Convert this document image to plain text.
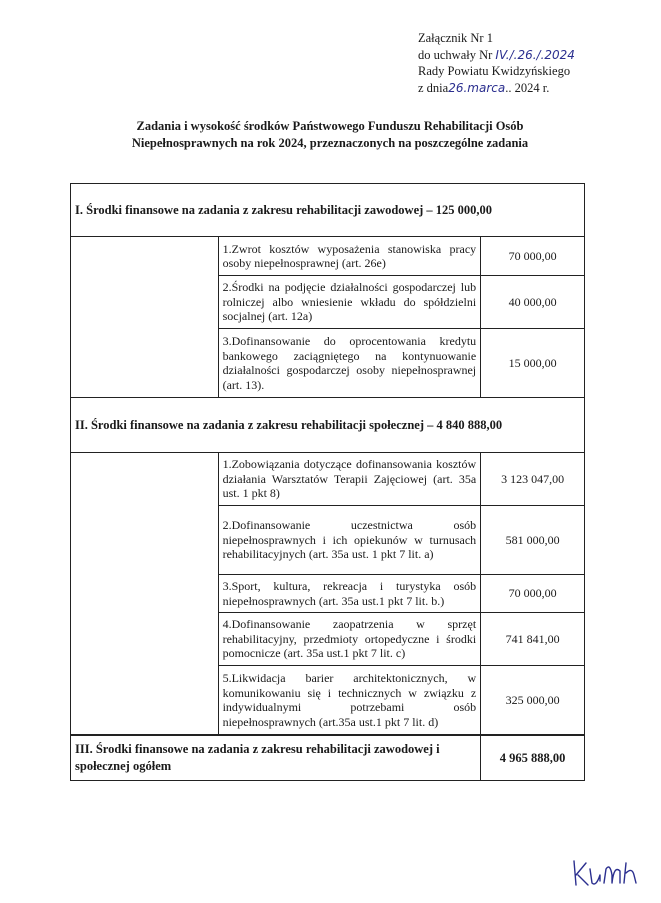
Załącznik Nr 1
do uchwały Nr IV./.26./.2024
Rady Powiatu Kwidzyńskiego
z dnia26.marca.. 2024 r.
Zadania i wysokość środków Państwowego Funduszu Rehabilitacji Osób
Niepełnosprawnych na rok 2024, przeznaczonych na poszczególne zadania
I. Środki finansowe na zadania z zakresu rehabilitacji zawodowej – 125 000,00		
	1.Zwrot kosztów wyposażenia stanowiska pracy osoby niepełnosprawnej (art. 26e)	70 000,00
	2.Środki na podjęcie działalności gospodarczej lub rolniczej albo wniesienie wkładu do spółdzielni socjalnej (art. 12a)	40 000,00
	3.Dofinansowanie do oprocentowania kredytu bankowego zaciągniętego na kontynuowanie działalności gospodarczej osoby niepełnosprawnej (art. 13).	15 000,00
II. Środki finansowe na zadania z zakresu rehabilitacji społecznej – 4 840 888,00		
	1.Zobowiązania dotyczące dofinansowania kosztów działania Warsztatów Terapii Zajęciowej (art. 35a ust. 1 pkt 8)	3 123 047,00
	2.Dofinansowanie uczestnictwa osób niepełnosprawnych i ich opiekunów w turnusach rehabilitacyjnych (art. 35a ust. 1 pkt 7 lit. a)	581 000,00
	3.Sport, kultura, rekreacja i turystyka osób niepełnosprawnych (art. 35a ust.1 pkt 7 lit. b.)	70 000,00
	4.Dofinansowanie zaopatrzenia w sprzęt rehabilitacyjny, przedmioty ortopedyczne i środki pomocnicze (art. 35a ust.1 pkt 7 lit. c)	741 841,00
	5.Likwidacja barier architektonicznych, w komunikowaniu się i technicznych w związku z indywidualnymi potrzebami osób niepełnosprawnych (art.35a ust.1 pkt 7 lit. d)	325 000,00
III. Środki finansowe na zadania z zakresu rehabilitacji zawodowej i społecznej ogółem		4 965 888,00
